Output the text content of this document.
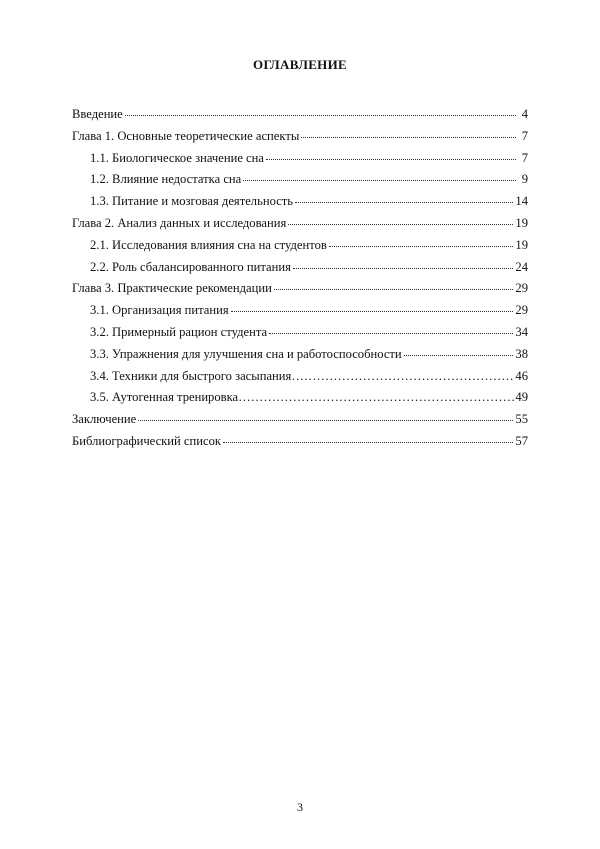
ОГЛАВЛЕНИЕ
Введение	4
Глава 1. Основные теоретические аспекты	7
1.1. Биологическое значение сна	7
1.2. Влияние недостатка сна	9
1.3. Питание и мозговая деятельность	14
Глава 2. Анализ данных и исследования	19
2.1. Исследования влияния сна на студентов	19
2.2. Роль сбалансированного питания	24
Глава 3. Практические рекомендации	29
3.1. Организация питания	29
3.2. Примерный рацион студента	34
3.3. Упражнения для улучшения сна и работоспособности	38
3.4. Техники для быстрого засыпания …………………………………………………………………………………………………	46
3.5. Аутогенная тренировка …………………………………………………………………………………………………	49
Заключение	55
Библиографический список	57
3
